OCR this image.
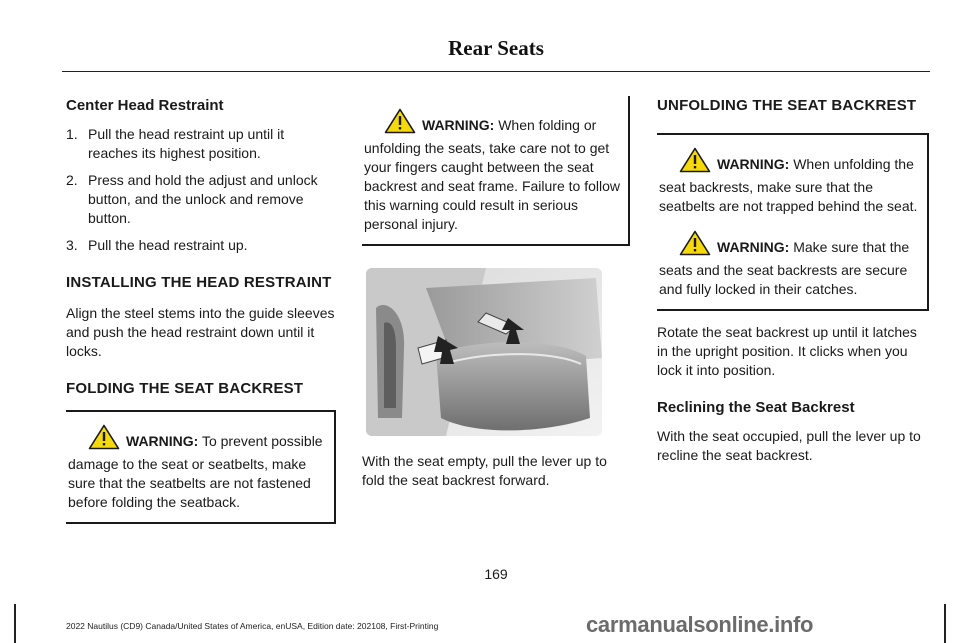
Rear Seats
Center Head Restraint
1. Pull the head restraint up until it reaches its highest position.
2. Press and hold the adjust and unlock button, and the unlock and remove button.
3. Pull the head restraint up.
INSTALLING THE HEAD RESTRAINT

Align the steel stems into the guide sleeves and push the head restraint down until it locks.

FOLDING THE SEAT BACKREST
WARNING: To prevent possible damage to the seat or seatbelts, make sure that the seatbelts are not fastened before folding the seatback.
WARNING: When folding or unfolding the seats, take care not to get your fingers caught between the seat backrest and seat frame. Failure to follow this warning could result in serious personal injury.

With the seat empty, pull the lever up to fold the seat backrest forward.

UNFOLDING THE SEAT BACKREST
WARNING: When unfolding the seat backrests, make sure that the seatbelts are not trapped behind the seat.
WARNING: Make sure that the seats and the seat backrests are secure and fully locked in their catches.

Rotate the seat backrest up until it latches in the upright position. It clicks when you lock it into position.

Reclining the Seat Backrest

With the seat occupied, pull the lever up to recline the seat backrest.

169
2022 Nautilus (CD9) Canada/United States of America, enUSA, Edition date: 202108, First-Printing	carmanualsonline.info
